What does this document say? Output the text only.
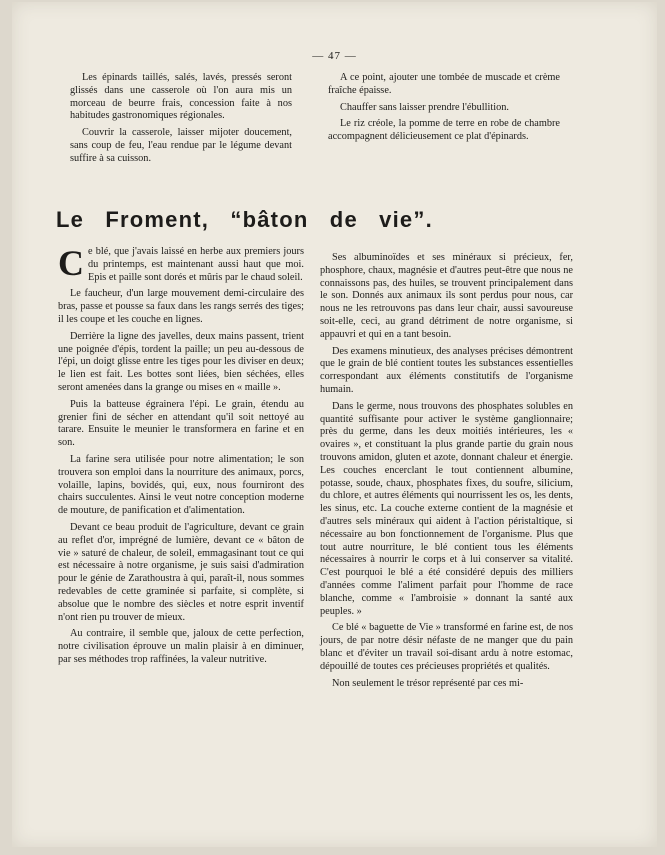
— 47 —

Les épinards taillés, salés, lavés, pressés seront glissés dans une casserole où l'on aura mis un morceau de beurre frais, concession faite à nos habitudes gastronomiques régionales.

Couvrir la casserole, laisser mijoter doucement, sans coup de feu, l'eau rendue par le légume devant suffire à sa cuisson.

A ce point, ajouter une tombée de muscade et crème fraîche épaisse.

Chauffer sans laisser prendre l'ébullition.

Le riz créole, la pomme de terre en robe de chambre accompagnent délicieusement ce plat d'épinards.

Le Froment, “bâton de vie”.

Ce blé, que j'avais laissé en herbe aux premiers jours du printemps, est maintenant aussi haut que moi. Epis et paille sont dorés et mûris par le chaud soleil.

Le faucheur, d'un large mouvement demi-circulaire des bras, passe et pousse sa faux dans les rangs serrés des tiges; il les coupe et les couche en lignes.

Derrière la ligne des javelles, deux mains passent, trient une poignée d'épis, tordent la paille; un peu au-dessous de l'épi, un doigt glisse entre les tiges pour les diviser en deux; le lien est fait. Les bottes sont liées, bien séchées, elles seront amenées dans la grange ou mises en « maille ».

Puis la batteuse égrainera l'épi. Le grain, étendu au grenier fini de sécher en attendant qu'il soit nettoyé au tarare. Ensuite le meunier le transformera en farine et en son.

La farine sera utilisée pour notre alimentation; le son trouvera son emploi dans la nourriture des animaux, porcs, volaille, lapins, bovidés, qui, eux, nous fourniront des chairs succulentes. Ainsi le veut notre conception moderne de mouture, de panification et d'alimentation.

Devant ce beau produit de l'agriculture, devant ce grain au reflet d'or, imprégné de lumière, devant ce « bâton de vie » saturé de chaleur, de soleil, emmagasinant tout ce qui est nécessaire à notre organisme, je suis saisi d'admiration pour le génie de Zarathoustra à qui, paraît-il, nous sommes redevables de cette graminée si parfaite, si complète, si absolue que le nombre des siècles et notre esprit inventif n'ont rien pu trouver de mieux.

Au contraire, il semble que, jaloux de cette perfection, notre civilisation éprouve un malin plaisir à en diminuer, par ses méthodes trop raffinées, la valeur nutritive.

Ses albuminoïdes et ses minéraux si précieux, fer, phosphore, chaux, magnésie et d'autres peut-être que nous ne connaissons pas, des huiles, se trouvent principalement dans le son. Donnés aux animaux ils sont perdus pour nous, car nous ne les retrouvons pas dans leur chair, aussi savoureuse soit-elle, ceci, au grand détriment de notre organisme, si appauvri et qui en a tant besoin.

Des examens minutieux, des analyses précises démontrent que le grain de blé contient toutes les substances essentielles correspondant aux éléments constitutifs de l'organisme humain.

Dans le germe, nous trouvons des phosphates solubles en quantité suffisante pour activer le système ganglionnaire; près du germe, dans les deux moitiés intérieures, les « ovaires », et constituant la plus grande partie du grain nous trouvons amidon, gluten et azote, donnant chaleur et énergie. Les couches encerclant le tout contiennent albumine, potasse, soude, chaux, phosphates fixes, du soufre, silicium, du chlore, et autres éléments qui nourrissent les os, les dents, les sinus, etc. La couche externe contient de la magnésie et d'autres sels minéraux qui aident à l'action péristaltique, si nécessaire au bon fonctionnement de l'organisme. Plus que tout autre nourriture, le blé contient tous les éléments nécessaires à nourrir le corps et à lui conserver sa vitalité. C'est pourquoi le blé a été considéré depuis des milliers d'années comme l'aliment parfait pour l'homme de race blanche, comme « l'ambroisie » donnant la santé aux peuples. »

Ce blé « baguette de Vie » transformé en farine est, de nos jours, de par notre désir néfaste de ne manger que du pain blanc et d'éviter un travail soi-disant ardu à notre estomac, dépouillé de toutes ces précieuses propriétés et qualités.

Non seulement le trésor représenté par ces mi-
